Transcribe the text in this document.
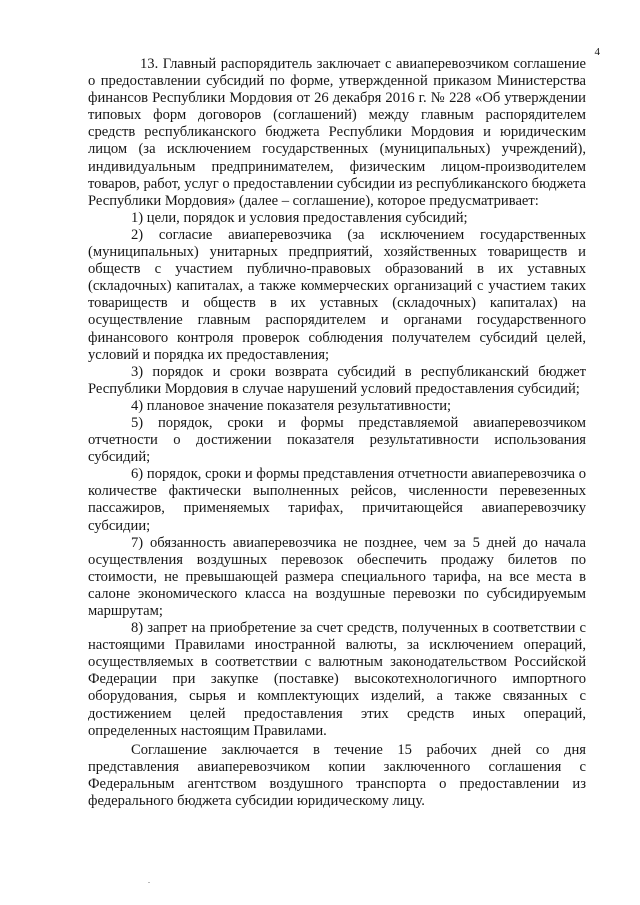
4

13. Главный распорядитель заключает с авиаперевозчиком соглашение о предоставлении субсидий по форме, утвержденной приказом Министерства финансов Республики Мордовия от 26 декабря 2016 г. № 228 «Об утверждении типовых форм договоров (соглашений) между главным распорядителем средств республиканского бюджета Республики Мордовия и юридическим лицом (за исключением государственных (муниципальных) учреждений), индивидуальным предпринимателем, физическим лицом-производителем товаров, работ, услуг о предоставлении субсидии из республиканского бюджета Республики Мордовия» (далее – соглашение), которое предусматривает:

1) цели, порядок и условия предоставления субсидий;

2) согласие авиаперевозчика (за исключением государственных (муниципальных) унитарных предприятий, хозяйственных товариществ и обществ с участием публично-правовых образований в их уставных (складочных) капиталах, а также коммерческих организаций с участием таких товариществ и обществ в их уставных (складочных) капиталах) на осуществление главным распорядителем и органами государственного финансового контроля проверок соблюдения получателем субсидий целей, условий и порядка их предоставления;

3) порядок и сроки возврата субсидий в республиканский бюджет Республики Мордовия в случае нарушений условий предоставления субсидий;

4) плановое значение показателя результативности;

5) порядок, сроки и формы представляемой авиаперевозчиком отчетности о достижении показателя результативности использования субсидий;

6) порядок, сроки и формы представления отчетности авиаперевозчика о количестве фактически выполненных рейсов, численности перевезенных пассажиров, применяемых тарифах, причитающейся авиаперевозчику субсидии;

7) обязанность авиаперевозчика не позднее, чем за 5 дней до начала осуществления воздушных перевозок обеспечить продажу билетов по стоимости, не превышающей размера специального тарифа, на все места в салоне экономического класса на воздушные перевозки по субсидируемым маршрутам;

8) запрет на приобретение за счет средств, полученных в соответствии с настоящими Правилами иностранной валюты, за исключением операций, осуществляемых в соответствии с валютным законодательством Российской Федерации при закупке (поставке) высокотехнологичного импортного оборудования, сырья и комплектующих изделий, а также связанных с достижением целей предоставления этих средств иных операций, определенных настоящим Правилами.

Соглашение заключается в течение 15 рабочих дней со дня представления авиаперевозчиком копии заключенного соглашения с Федеральным агентством воздушного транспорта о предоставлении из федерального бюджета субсидии юридическому лицу.
